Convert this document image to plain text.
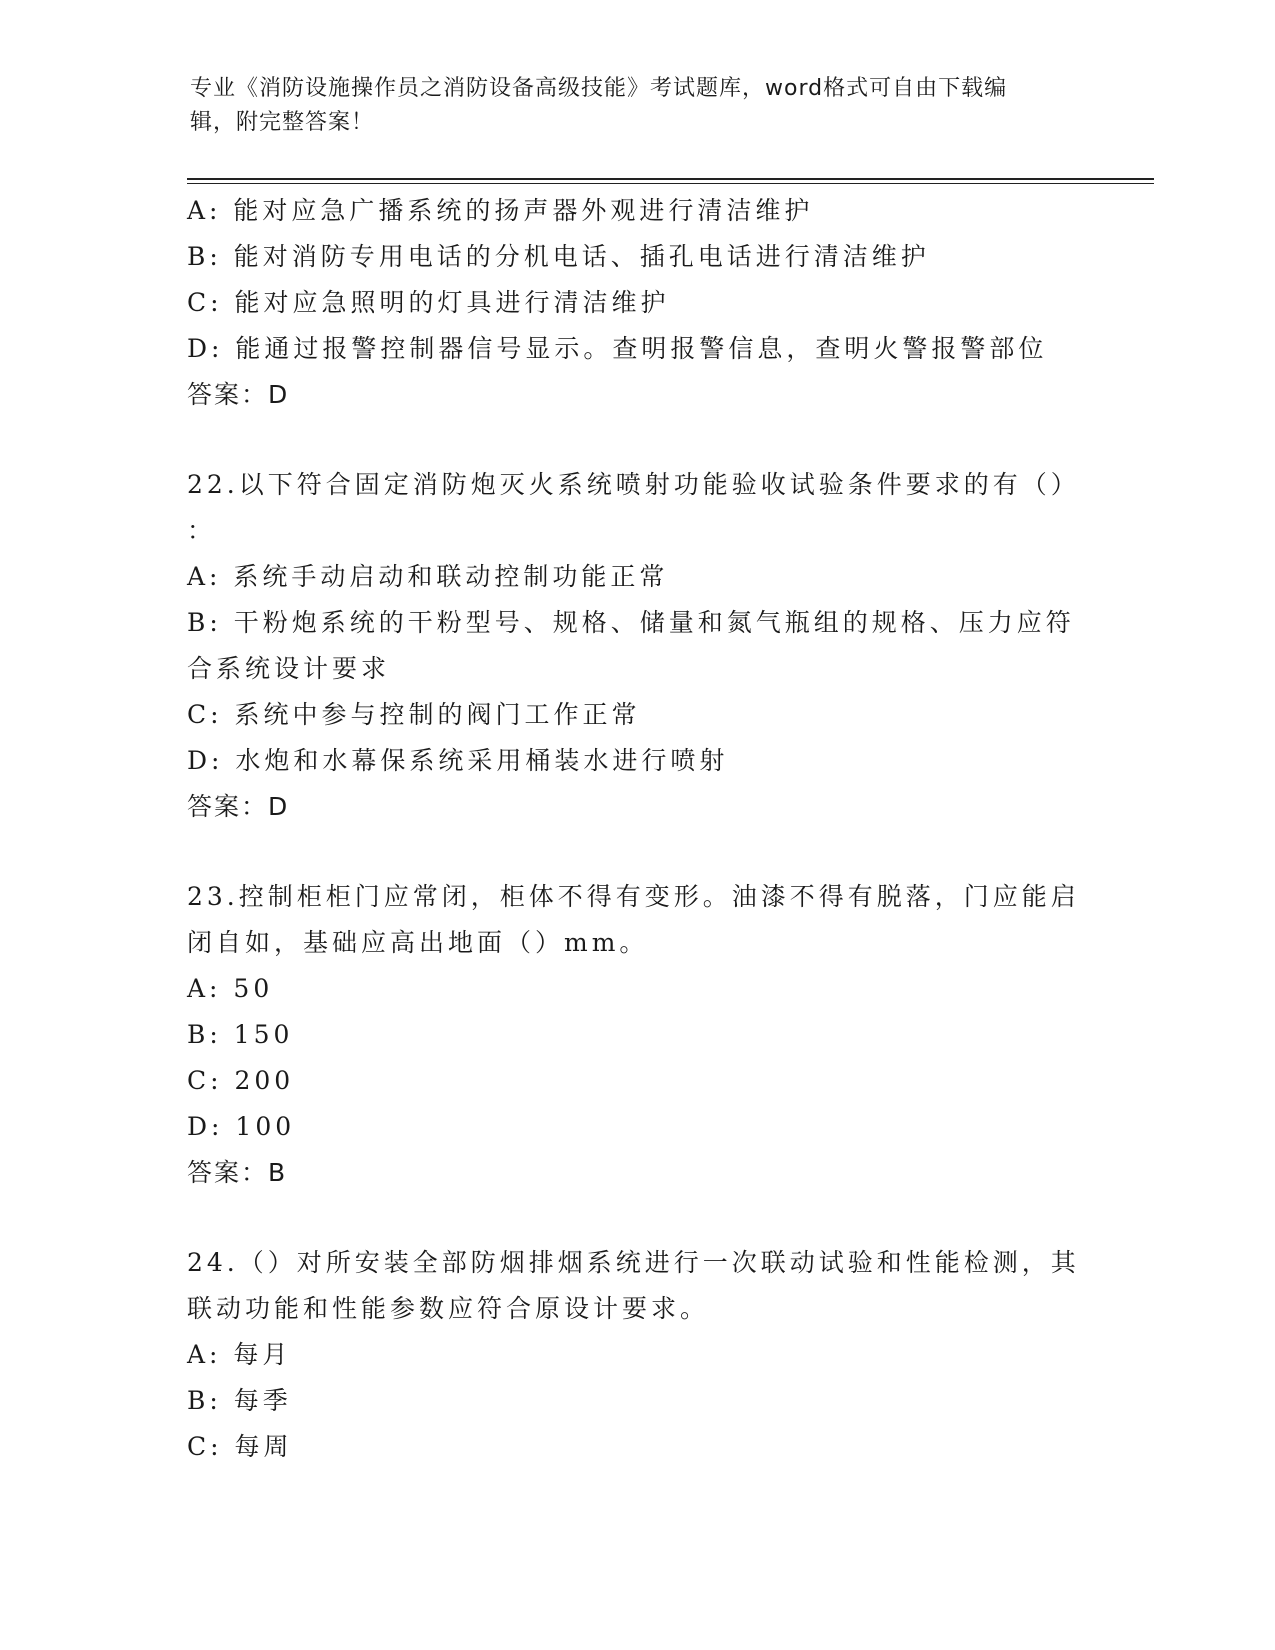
专业《消防设施操作员之消防设备高级技能》考试题库，word格式可自由下载编
辑，附完整答案！
A: 能对应急广播系统的扬声器外观进行清洁维护
B: 能对消防专用电话的分机电话、插孔电话进行清洁维护
C: 能对应急照明的灯具进行清洁维护
D: 能通过报警控制器信号显示。查明报警信息，查明火警报警部位
答案：D
22.以下符合固定消防炮灭火系统喷射功能验收试验条件要求的有（）
：
A: 系统手动启动和联动控制功能正常
B: 干粉炮系统的干粉型号、规格、储量和氮气瓶组的规格、压力应符
合系统设计要求
C: 系统中参与控制的阀门工作正常
D: 水炮和水幕保系统采用桶装水进行喷射
答案：D
23.控制柜柜门应常闭，柜体不得有变形。油漆不得有脱落，门应能启
闭自如，基础应高出地面（）mm。
A: 50
B: 150
C: 200
D: 100
答案：B
24.（）对所安装全部防烟排烟系统进行一次联动试验和性能检测，其
联动功能和性能参数应符合原设计要求。
A: 每月
B: 每季
C: 每周
